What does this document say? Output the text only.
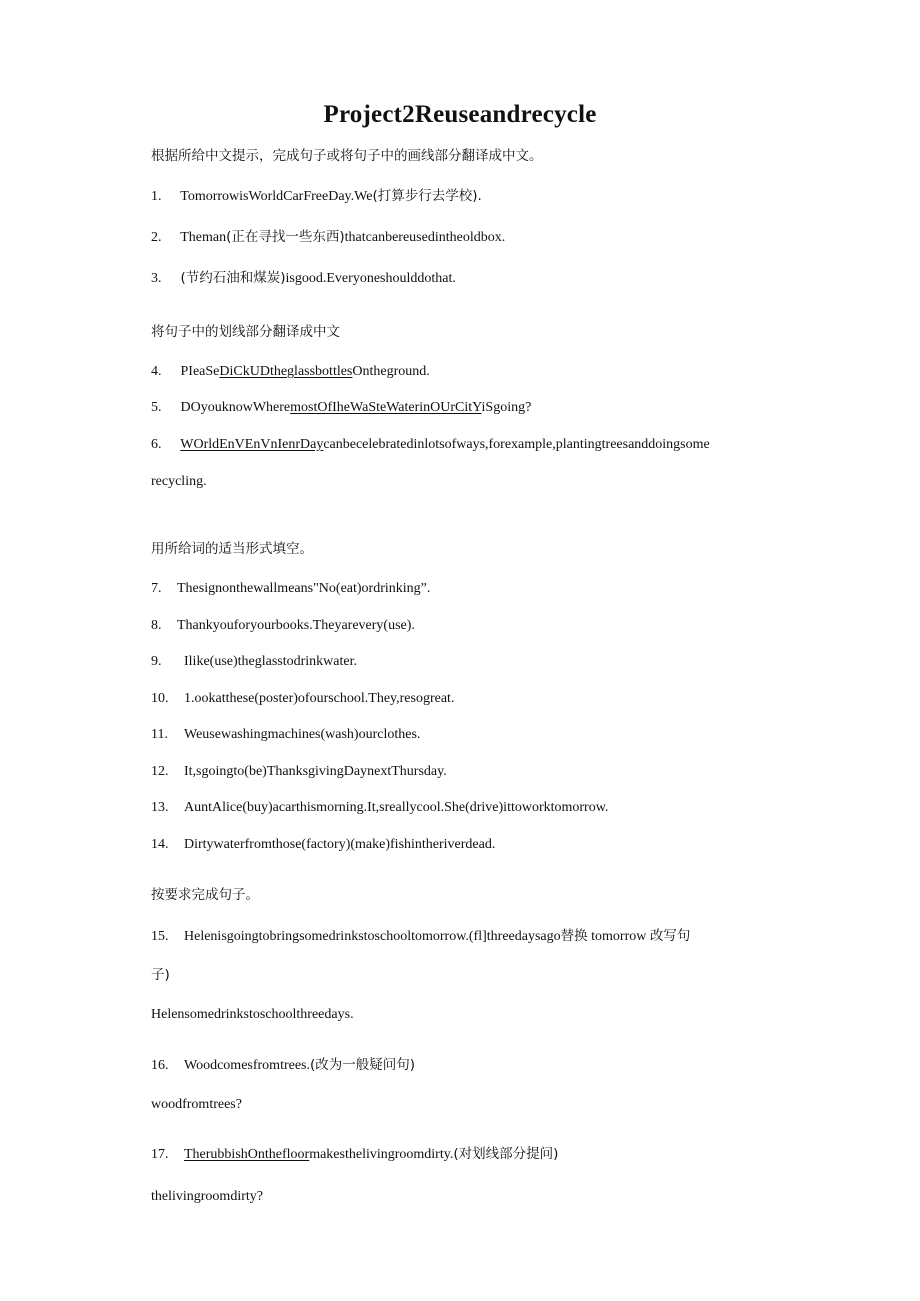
Project2Reuseandrecycle
根据所给中文提示，完成句子或将句子中的画线部分翻译成中文。
1. TomorrowisWorldCarFreeDay.We(打算步行去学校).
2. Theman(正在寻找一些东西)thatcanbereusedintheoldbox.
3. (节约石油和煤炭)isgood.Everyoneshoulddothat.
将句子中的划线部分翻译成中文
4. PIeaSeDiCkUDtheglassbottlesOntheground.
5. DOyouknowWheremostOfIheWaSteWaterinOUrCitYiSgoing?
6. WOrldEnVEnVnIenrDaycanbecelebratedinlotsofways,forexample,plantingtreesanddoingsome
recycling.
用所给词的适当形式填空。
7. Thesignonthewallmeans"No(eat)ordrinking”.
8. Thankyouforyourbooks.Theyarevery(use).
9. Ilike(use)theglasstodrinkwater.
10. 1.ookatthese(poster)ofourschool.They,resogreat.
11. Weusewashingmachines(wash)ourclothes.
12. It,sgoingto(be)ThanksgivingDaynextThursday.
13. AuntAlice(buy)acarthismorning.It,sreallycool.She(drive)ittoworktomorrow.
14. Dirtywaterfromthose(factory)(make)fishintheriverdead.
按要求完成句子。
15. Helenisgoingtobringsomedrinkstoschooltomorrow.(fl]threedaysago替换 tomorrow 改写句
子)
Helensomedrinkstoschoolthreedays.
16. Woodcomesfromtrees.(改为一般疑问句)
woodfromtrees?
17. TherubbishOnthefloormakesthelivingroomdirty.(对划线部分提问)
thelivingroomdirty?
